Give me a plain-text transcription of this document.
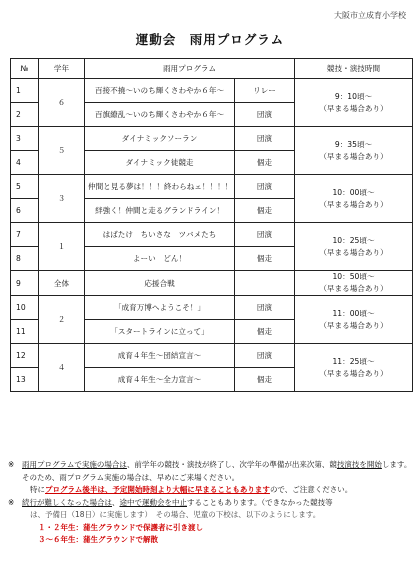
大阪市立成育小学校
運動会　雨用プログラム
№	学年	雨用プログラム		競技・演技時間
1	６	百接不撓〜いのち輝くさわやか６年〜	リレー	9：10頃〜
（早まる場合あり）

2		百旗繚乱〜いのち輝くさわやか６年〜	団演	
3	５	ダイナミックソーラン	団演	9：35頃〜
（早まる場合あり）

4		ダイナミック徒競走	個走	
5	３	仲間と見る夢は！！！終わらねェ！！！！	団演	10：00頃〜
（早まる場合あり）

6		絆強く！仲間と走るグランドライン！	個走	
7	１	はばたけ　ちいさな　ツバメたち	団演	10：25頃〜
（早まる場合あり）

8		よーい　どん！	個走	
9	全体	応援合戦		10：50頃〜
（早まる場合あり）

10	２	「成育万博へようこそ！」	団演	11：00頃〜
（早まる場合あり）

11		「スタートラインに立って」	個走	
12	４	成育４年生〜団結宣言〜	団演	11：25頃〜
（早まる場合あり）

13		成育４年生〜全力宣言〜	個走	
※ 雨用プログラムで実施の場合は、前学年の競技・演技が終了し、次学年の準備が出来次第、競技演技を開始します。そのため、雨プログラム実施の場合は、早めにご来場ください。
特にプログラム後半は、予定開始時刻より大幅に早まることもありますので、ご注意ください。
※ 続行が難しくなった場合は、途中で運動会を中止することもあります。（できなかった競技等
は、予備日（18日）に実施します）　その場合、児童の下校は、以下のようにします。
１・２年生：蒲生グラウンドで保護者に引き渡し
３〜６年生：蒲生グラウンドで解散
